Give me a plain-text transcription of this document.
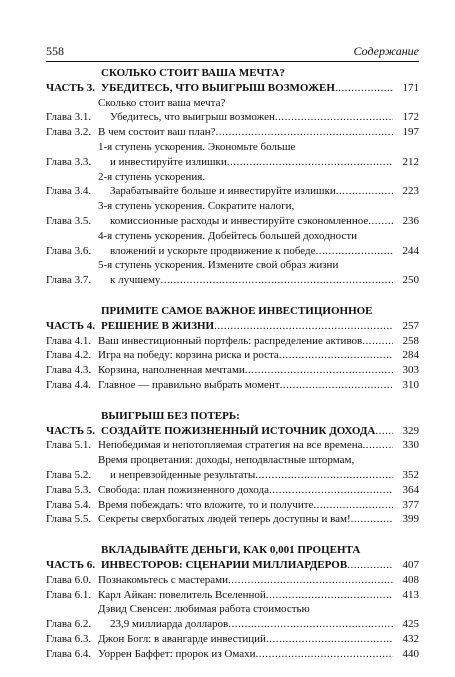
558	Содержание
ЧАСТЬ 3.
СКОЛЬКО СТОИТ ВАША МЕЧТА?
УБЕДИТЕСЬ, ЧТО ВЫИГРЫШ ВОЗМОЖЕН .....	171
Глава 3.1.
Сколько стоит ваша мечта?
Убедитесь, что выигрыш возможен .....	172
Глава 3.2. В чем состоит ваш план? .....	197
Глава 3.3.
1-я ступень ускорения. Экономьте больше
и инвестируйте излишки .....	212
Глава 3.4.
2-я ступень ускорения.
Зарабатывайте больше и инвестируйте излишки .....	223
Глава 3.5.
3-я ступень ускорения. Сократите налоги,
комиссионные расходы и инвестируйте сэкономленное .....	236
Глава 3.6.
4-я ступень ускорения. Добейтесь большей доходности
вложений и ускорьте продвижение к победе .....	244
Глава 3.7.
5-я ступень ускорения. Измените свой образ жизни
к лучшему .....	250
ЧАСТЬ 4.
ПРИМИТЕ САМОЕ ВАЖНОЕ ИНВЕСТИЦИОННОЕ
РЕШЕНИЕ В ЖИЗНИ .....	257
Глава 4.1. Ваш инвестиционный портфель: распределение активов .....	258
Глава 4.2. Игра на победу: корзина риска и роста .....	284
Глава 4.3. Корзина, наполненная мечтами .....	303
Глава 4.4. Главное — правильно выбрать момент .....	310
ЧАСТЬ 5.
ВЫИГРЫШ БЕЗ ПОТЕРЬ:
СОЗДАЙТЕ ПОЖИЗНЕННЫЙ ИСТОЧНИК ДОХОДА .....	329
Глава 5.1. Непобедимая и непотопляемая стратегия на все времена .....	330
Глава 5.2.
Время процветания: доходы, неподвластные штормам,
и непревзойденные результаты .....	352
Глава 5.3. Свобода: план пожизненного дохода .....	364
Глава 5.4. Время побеждать: что вложите, то и получите .....	377
Глава 5.5. Секреты сверхбогатых людей теперь доступны и вам! .....	399
ЧАСТЬ 6.
ВКЛАДЫВАЙТЕ ДЕНЬГИ, КАК 0,001 ПРОЦЕНТА
ИНВЕСТОРОВ: СЦЕНАРИИ МИЛЛИАРДЕРОВ .....	407
Глава 6.0. Познакомьтесь с мастерами .....	408
Глава 6.1. Карл Айкан: повелитель Вселенной .....	413
Глава 6.2.
Дэвид Свенсен: любимая работа стоимостью
23,9 миллиарда долларов .....	425
Глава 6.3. Джон Богл: в авангарде инвестиций .....	432
Глава 6.4. Уоррен Баффет: пророк из Омахи .....	440
